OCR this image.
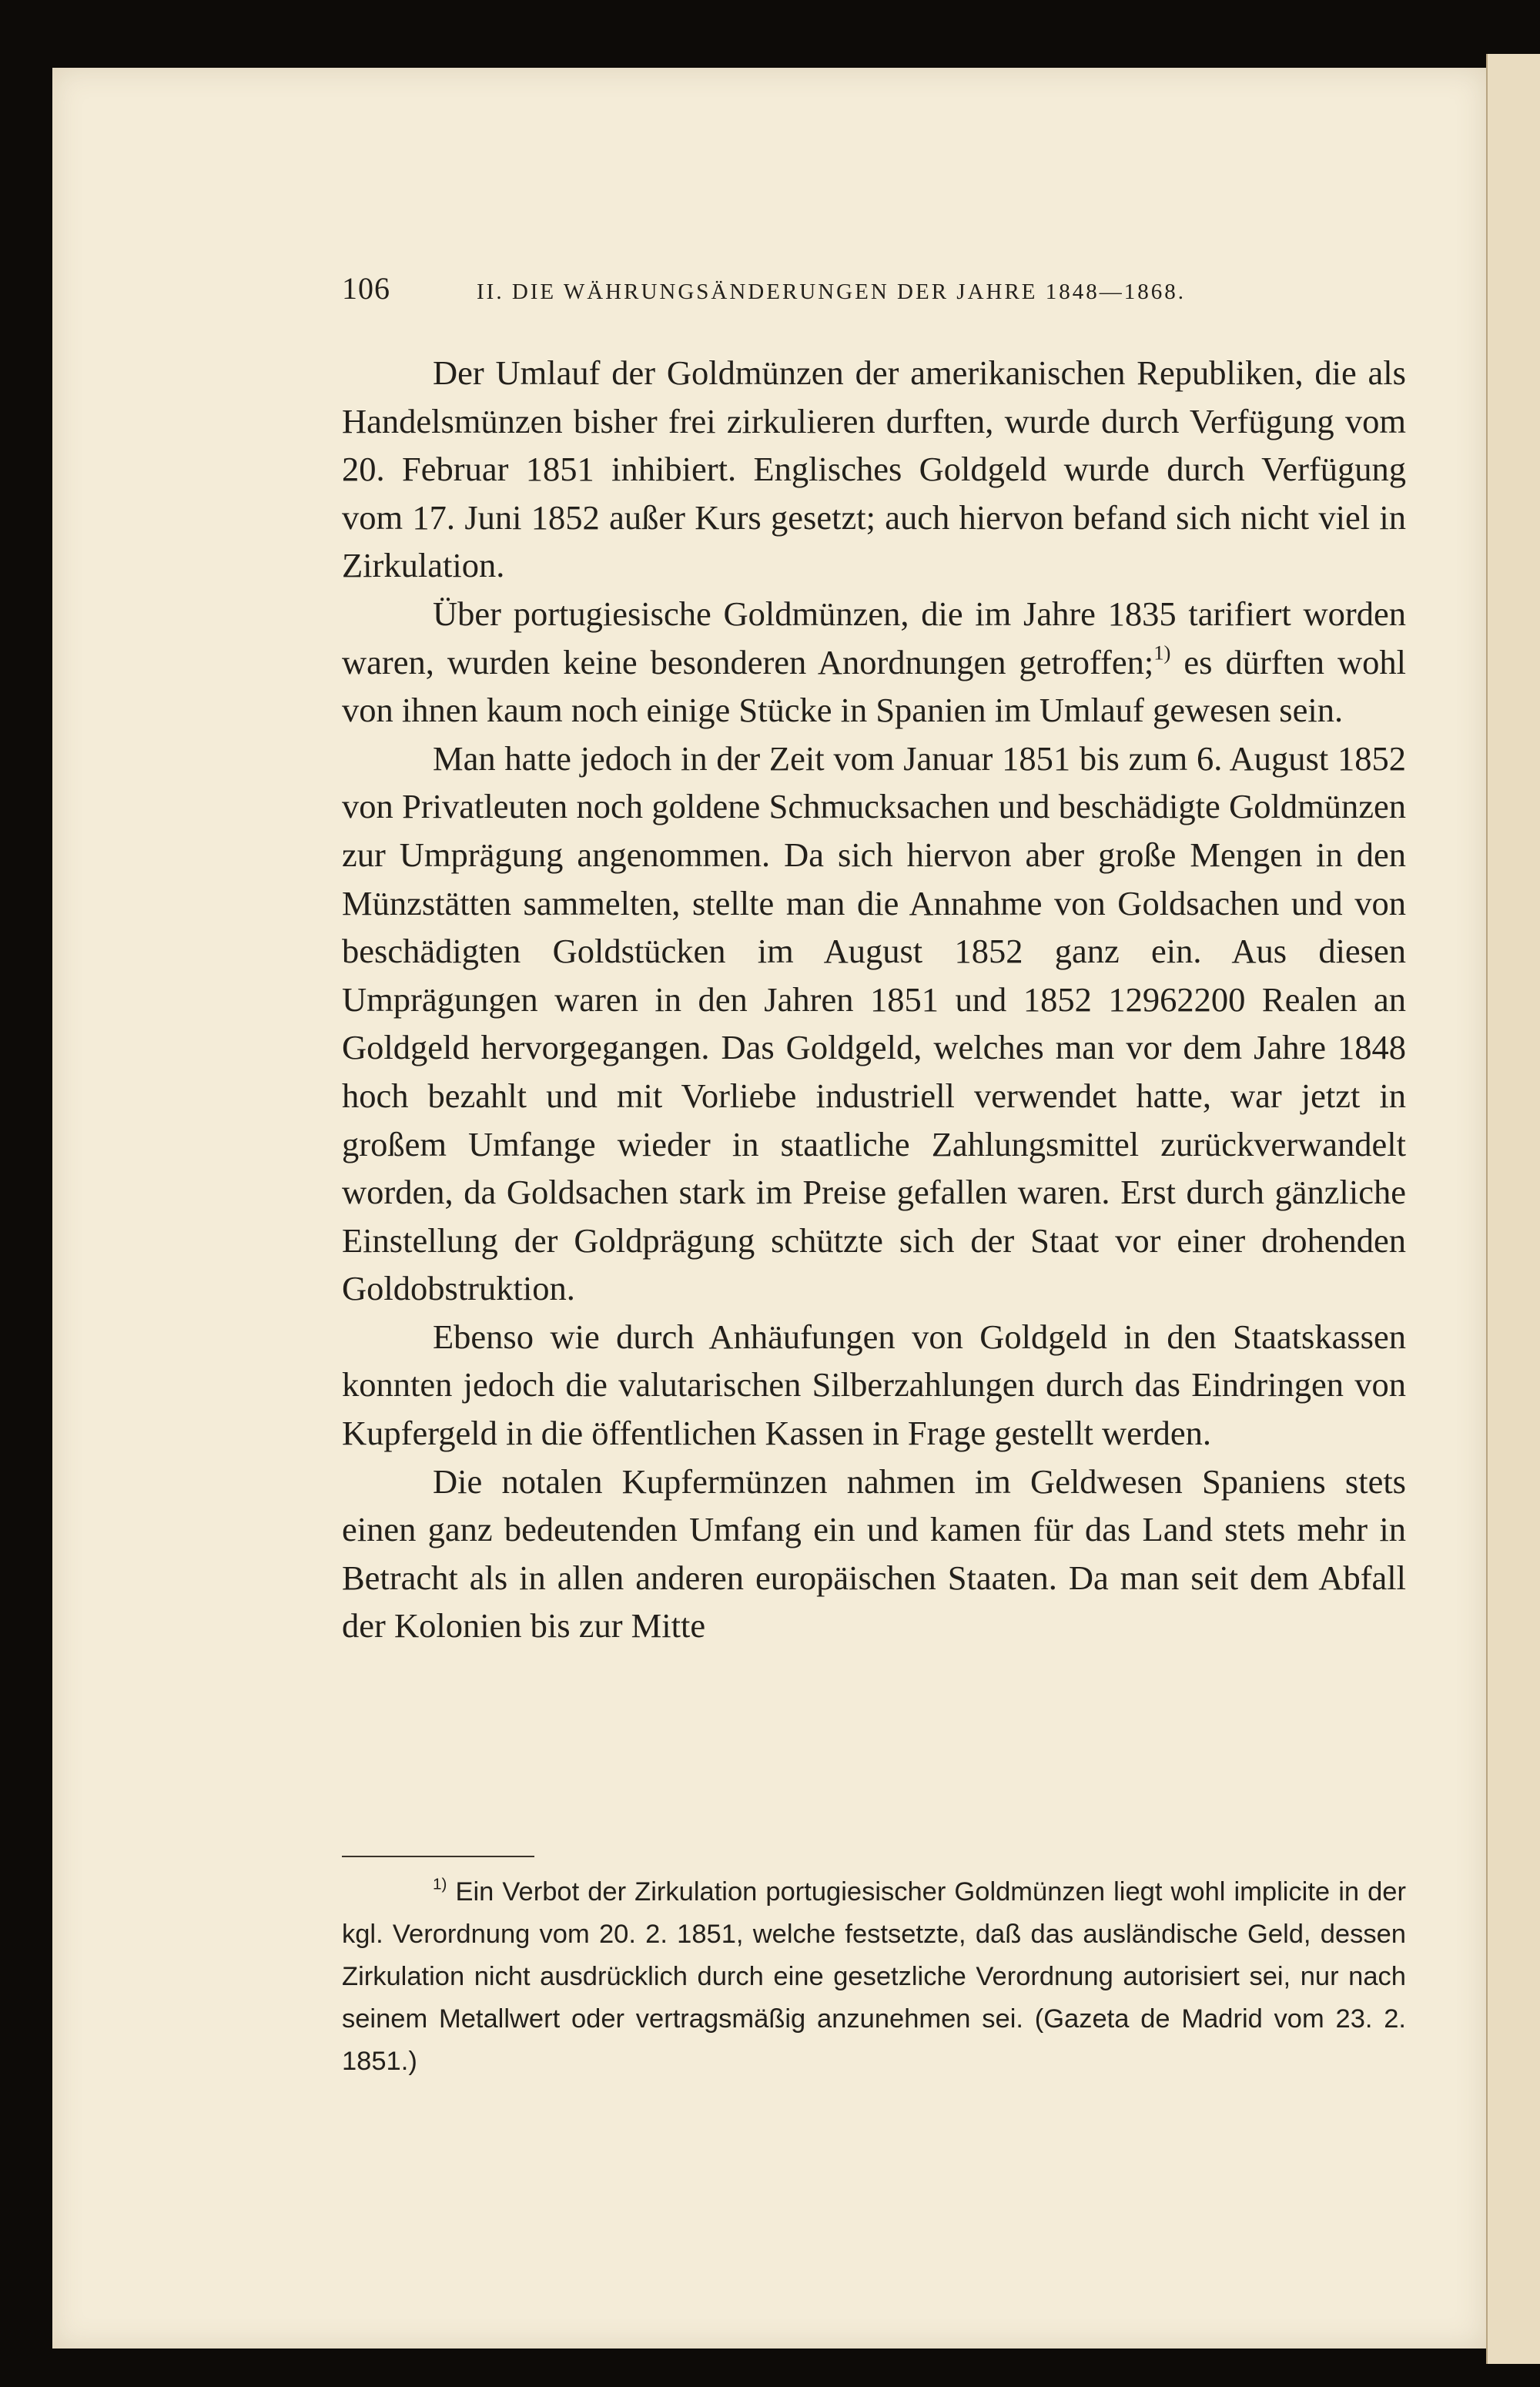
106	II. DIE WÄHRUNGSÄNDERUNGEN DER JAHRE 1848—1868.

Der Umlauf der Goldmünzen der amerikanischen Republiken, die als Handelsmünzen bisher frei zirkulieren durften, wurde durch Verfügung vom 20. Februar 1851 inhibiert. Englisches Goldgeld wurde durch Verfügung vom 17. Juni 1852 außer Kurs gesetzt; auch hiervon befand sich nicht viel in Zirkulation.

Über portugiesische Goldmünzen, die im Jahre 1835 tarifiert worden waren, wurden keine besonderen Anordnungen getroffen;$^{1)}$ es dürften wohl von ihnen kaum noch einige Stücke in Spanien im Umlauf gewesen sein.

Man hatte jedoch in der Zeit vom Januar 1851 bis zum 6. August 1852 von Privatleuten noch goldene Schmucksachen und beschädigte Goldmünzen zur Umprägung angenommen. Da sich hiervon aber große Mengen in den Münzstätten sammelten, stellte man die Annahme von Goldsachen und von beschädigten Goldstücken im August 1852 ganz ein. Aus diesen Umprägungen waren in den Jahren 1851 und 1852 12962200 Realen an Goldgeld hervorgegangen. Das Goldgeld, welches man vor dem Jahre 1848 hoch bezahlt und mit Vorliebe industriell verwendet hatte, war jetzt in großem Umfange wieder in staatliche Zahlungsmittel zurückverwandelt worden, da Goldsachen stark im Preise gefallen waren. Erst durch gänzliche Einstellung der Goldprägung schützte sich der Staat vor einer drohenden Goldobstruktion.

Ebenso wie durch Anhäufungen von Goldgeld in den Staatskassen konnten jedoch die valutarischen Silberzahlungen durch das Eindringen von Kupfergeld in die öffentlichen Kassen in Frage gestellt werden.

Die notalen Kupfermünzen nahmen im Geldwesen Spaniens stets einen ganz bedeutenden Umfang ein und kamen für das Land stets mehr in Betracht als in allen anderen europäischen Staaten. Da man seit dem Abfall der Kolonien bis zur Mitte

$^{1)}$ Ein Verbot der Zirkulation portugiesischer Goldmünzen liegt wohl implicite in der kgl. Verordnung vom 20. 2. 1851, welche festsetzte, daß das ausländische Geld, dessen Zirkulation nicht ausdrücklich durch eine gesetzliche Verordnung autorisiert sei, nur nach seinem Metallwert oder vertragsmäßig anzunehmen sei. (Gazeta de Madrid vom 23. 2. 1851.)
